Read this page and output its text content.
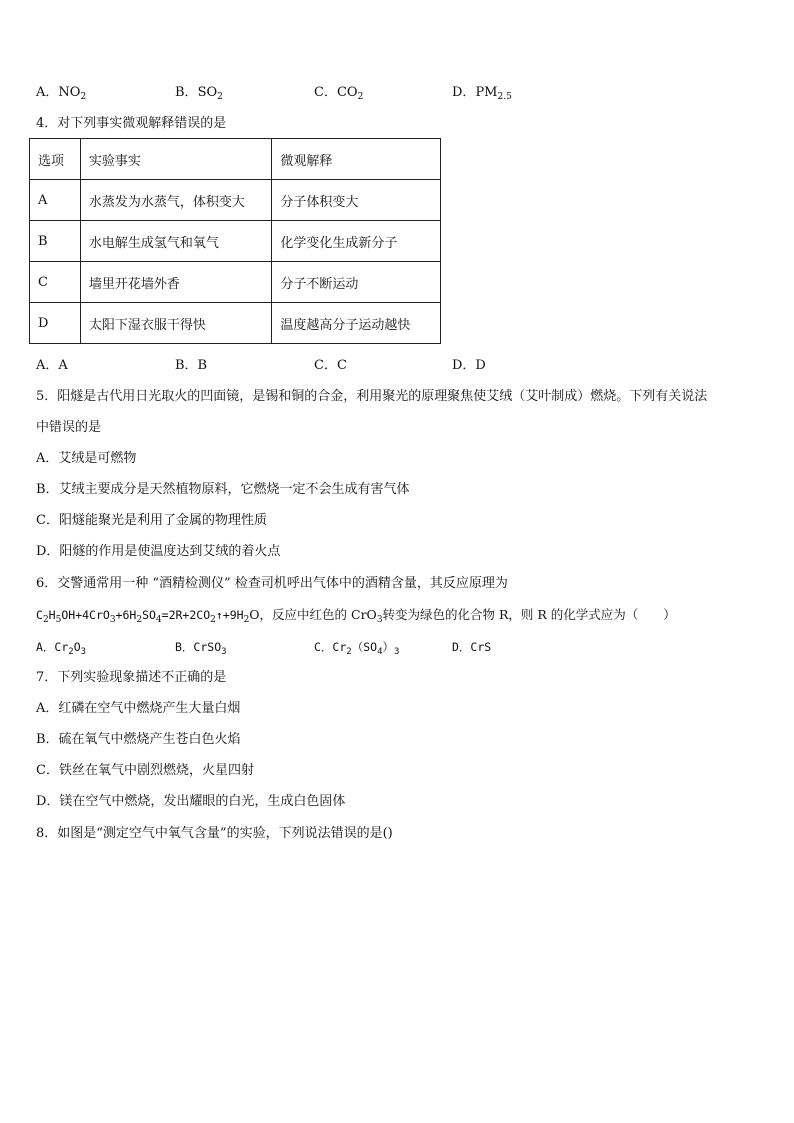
A．$NO_2$	B．$SO_2$	C．$CO_2$	D．$PM_{2.5}$
4．对下列事实微观解释错误的是
选项	实验事实	微观解释
A	水蒸发为水蒸气，体积变大	分子体积变大
B	水电解生成氢气和氧气	化学变化生成新分子
C	墙里开花墙外香	分子不断运动
D	太阳下湿衣服干得快	温度越高分子运动越快
A．A	B．B	C．C	D．D
5．阳燧是古代用日光取火的凹面镜，是锡和铜的合金，利用聚光的原理聚焦使艾绒（艾叶制成）燃烧。下列有关说法
中错误的是
A．艾绒是可燃物
B．艾绒主要成分是天然植物原料，它燃烧一定不会生成有害气体
C．阳燧能聚光是利用了金属的物理性质
D．阳燧的作用是使温度达到艾绒的着火点
6．交警通常用一种 “酒精检测仪” 检查司机呼出气体中的酒精含量，其反应原理为
$C_2H_5OH+4CrO_3+6H_2SO_4=2R+2CO_2↑+9H_2O$，反应中红色的 CrO$_3$转变为绿色的化合物 R，则 R 的化学式应为（　　）
A．$Cr_2O_3$	B．CrSO$_3$	C．$Cr_2(SO_4)_3$	D．CrS
7．下列实验现象描述不正确的是
A．红磷在空气中燃烧产生大量白烟
B．硫在氧气中燃烧产生苍白色火焰
C．铁丝在氧气中剧烈燃烧，火星四射
D．镁在空气中燃烧，发出耀眼的白光，生成白色固体
8．如图是“测定空气中氧气含量”的实验，下列说法错误的是()
